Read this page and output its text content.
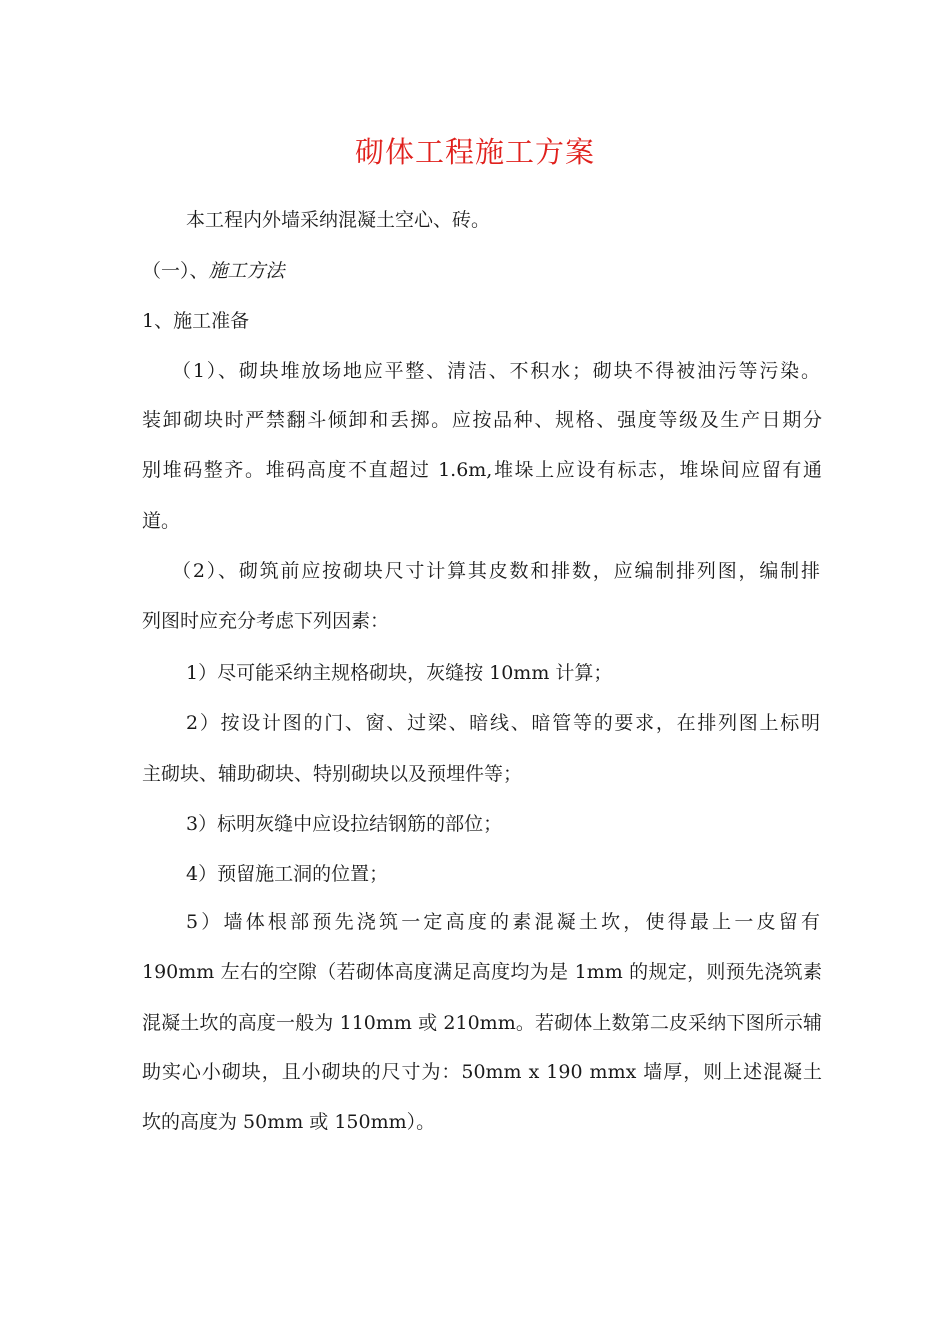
砌体工程施工方案

本工程内外墙采纳混凝土空心、砖。

（一）、施工方法

1、施工准备

（1）、砌块堆放场地应平整、清洁、不积水；砌块不得被油污等污染。

装卸砌块时严禁翻斗倾卸和丢掷。应按品种、规格、强度等级及生产日期分

别堆码整齐。堆码高度不直超过 1.6m,堆垛上应设有标志，堆垛间应留有通

道。

（2）、砌筑前应按砌块尺寸计算其皮数和排数，应编制排列图，编制排

列图时应充分考虑下列因素：

1）尽可能采纳主规格砌块，灰缝按 10mm 计算；

2）按设计图的门、窗、过梁、暗线、暗管等的要求，在排列图上标明

主砌块、辅助砌块、特别砌块以及预埋件等；

3）标明灰缝中应设拉结钢筋的部位；

4）预留施工洞的位置；

5）墙体根部预先浇筑一定高度的素混凝土坎，使得最上一皮留有

190mm 左右的空隙（若砌体高度满足高度均为是 1mm 的规定，则预先浇筑素

混凝土坎的高度一般为 110mm 或 210mm。若砌体上数第二皮采纳下图所示辅

助实心小砌块，且小砌块的尺寸为：50mm x 190 mmx 墙厚，则上述混凝土

坎的高度为 50mm 或 150mm）。
